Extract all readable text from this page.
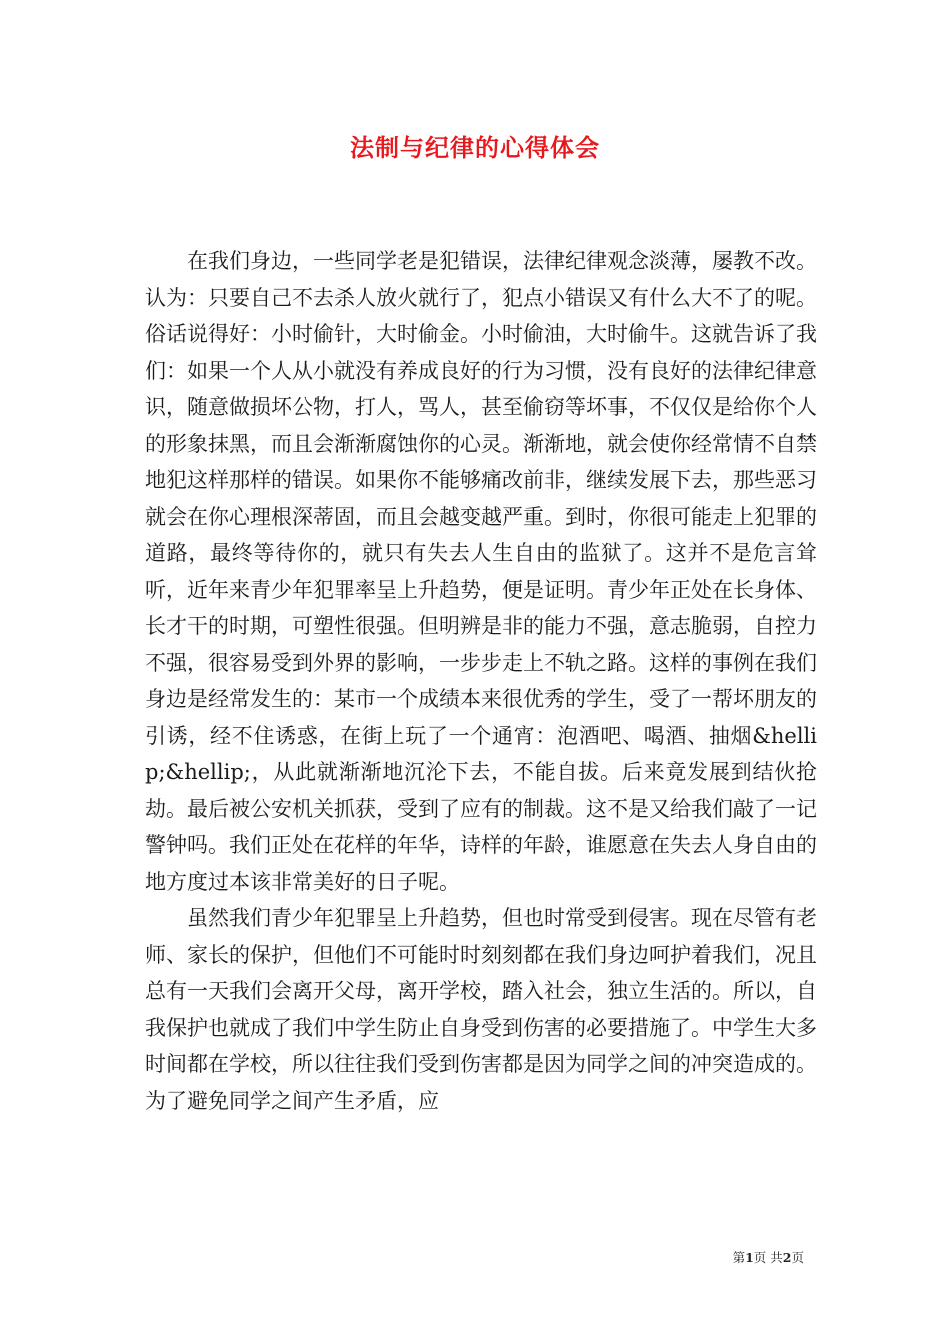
法制与纪律的心得体会

在我们身边，一些同学老是犯错误，法律纪律观念淡薄，屡教不改。认为：只要自己不去杀人放火就行了，犯点小错误又有什么大不了的呢。俗话说得好：小时偷针，大时偷金。小时偷油，大时偷牛。这就告诉了我们：如果一个人从小就没有养成良好的行为习惯，没有良好的法律纪律意识，随意做损坏公物，打人，骂人，甚至偷窃等坏事，不仅仅是给你个人的形象抹黑，而且会渐渐腐蚀你的心灵。渐渐地，就会使你经常情不自禁地犯这样那样的错误。如果你不能够痛改前非，继续发展下去，那些恶习就会在你心理根深蒂固，而且会越变越严重。到时，你很可能走上犯罪的道路，最终等待你的，就只有失去人生自由的监狱了。这并不是危言耸听，近年来青少年犯罪率呈上升趋势，便是证明。青少年正处在长身体、长才干的时期，可塑性很强。但明辨是非的能力不强，意志脆弱，自控力不强，很容易受到外界的影响，一步步走上不轨之路。这样的事例在我们身边是经常发生的：某市一个成绩本来很优秀的学生，受了一帮坏朋友的引诱，经不住诱惑，在街上玩了一个通宵：泡酒吧、喝酒、抽烟&hellip;&hellip;，从此就渐渐地沉沦下去，不能自拔。后来竟发展到结伙抢劫。最后被公安机关抓获，受到了应有的制裁。这不是又给我们敲了一记警钟吗。我们正处在花样的年华，诗样的年龄，谁愿意在失去人身自由的地方度过本该非常美好的日子呢。

虽然我们青少年犯罪呈上升趋势，但也时常受到侵害。现在尽管有老师、家长的保护，但他们不可能时时刻刻都在我们身边呵护着我们，况且总有一天我们会离开父母，离开学校，踏入社会，独立生活的。所以，自我保护也就成了我们中学生防止自身受到伤害的必要措施了。中学生大多时间都在学校，所以往往我们受到伤害都是因为同学之间的冲突造成的。为了避免同学之间产生矛盾，应

第1页 共2页
